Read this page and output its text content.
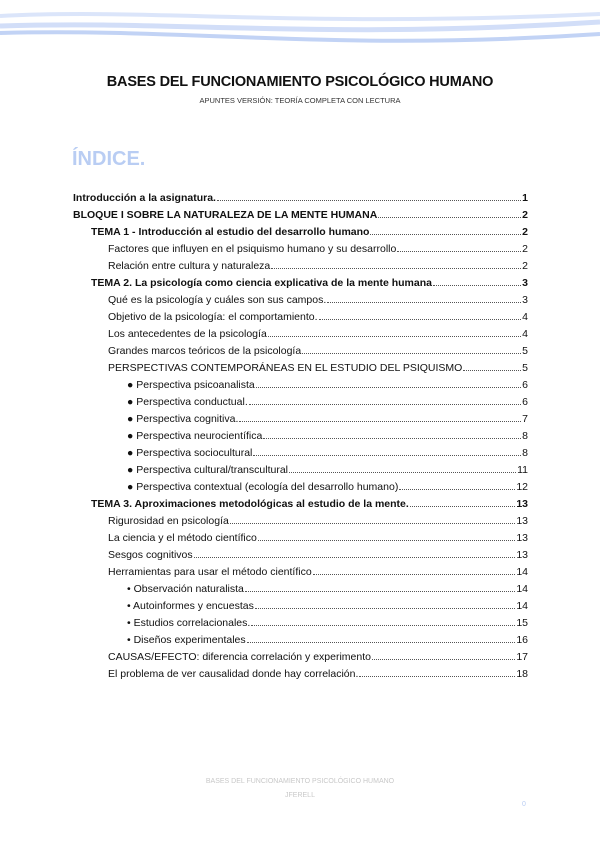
BASES DEL FUNCIONAMIENTO PSICOLÓGICO HUMANO
APUNTES VERSIÓN: TEORÍA COMPLETA CON LECTURA
ÍNDICE.
Introducción a la asignatura.	1
BLOQUE I SOBRE LA NATURALEZA DE LA MENTE HUMANA	2
TEMA 1 - Introducción al estudio del desarrollo humano	2
Factores que influyen en el psiquismo humano y su desarrollo	2
Relación entre cultura y naturaleza	2
TEMA 2. La psicología como ciencia explicativa de la mente humana	3
Qué es la psicología y cuáles son sus campos.	3
Objetivo de la psicología: el comportamiento.	4
Los antecedentes de la psicología	4
Grandes marcos teóricos de la psicología	5
PERSPECTIVAS CONTEMPORÁNEAS EN EL ESTUDIO DEL PSIQUISMO	5
● Perspectiva psicoanalista	6
● Perspectiva conductual.	6
● Perspectiva cognitiva.	7
● Perspectiva neurocientífica	8
● Perspectiva sociocultural	8
● Perspectiva cultural/transcultural	11
● Perspectiva contextual (ecología del desarrollo humano)	12
TEMA 3. Aproximaciones metodológicas al estudio de la mente.	13
Rigurosidad en psicología	13
La ciencia y el método científico	13
Sesgos cognitivos	13
Herramientas para usar el método científico	14
• Observación naturalista	14
• Autoinformes y encuestas	14
• Estudios correlacionales.	15
• Diseños experimentales	16
CAUSAS/EFECTO: diferencia correlación y experimento	17
El problema de ver causalidad donde hay correlación.	18
BASES DEL FUNCIONAMIENTO PSICOLÓGICO HUMANO
JFERELL
0
